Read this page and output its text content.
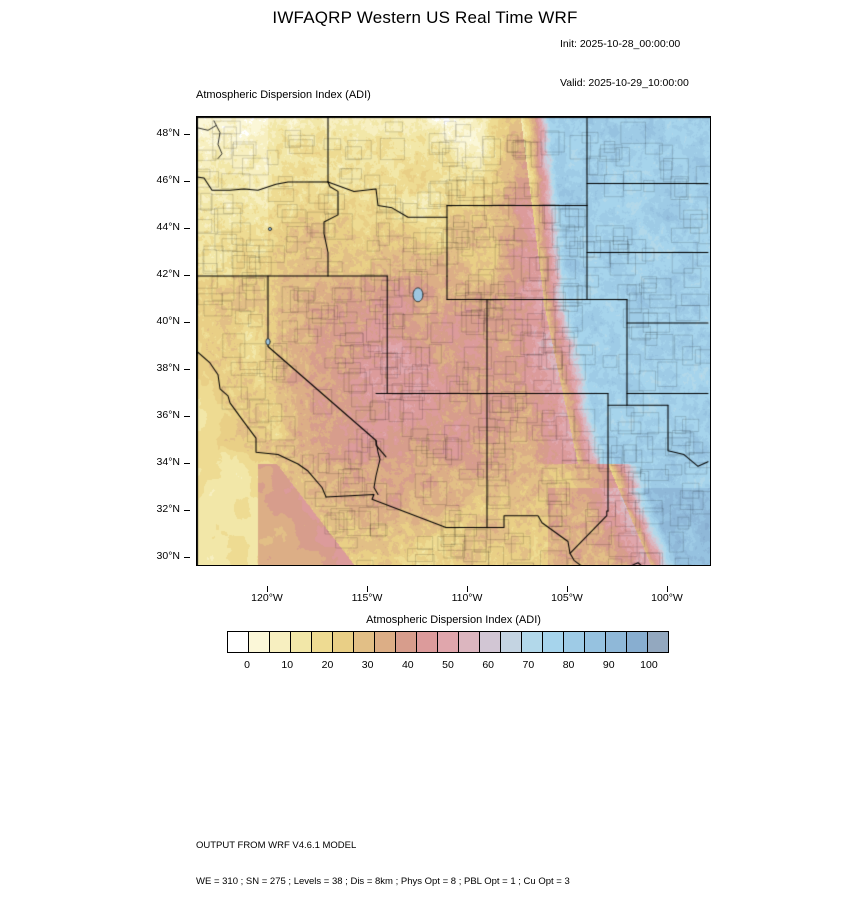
IWFAQRP Western US Real Time WRF

Init: 2025-10-28_00:00:00

Valid: 2025-10-29_10:00:00

Atmospheric Dispersion Index (ADI)
48°N
46°N
44°N
42°N
40°N
38°N
36°N
34°N
32°N
30°N
120°W	115°W	110°W	105°W	100°W
Atmospheric Dispersion Index (ADI)
0	10	20	30	40	50	60	70	80	90 100

OUTPUT FROM WRF V4.6.1 MODEL

WE = 310 ; SN = 275 ; Levels = 38 ; Dis = 8km ; Phys Opt = 8 ; PBL Opt = 1 ; Cu Opt = 3
